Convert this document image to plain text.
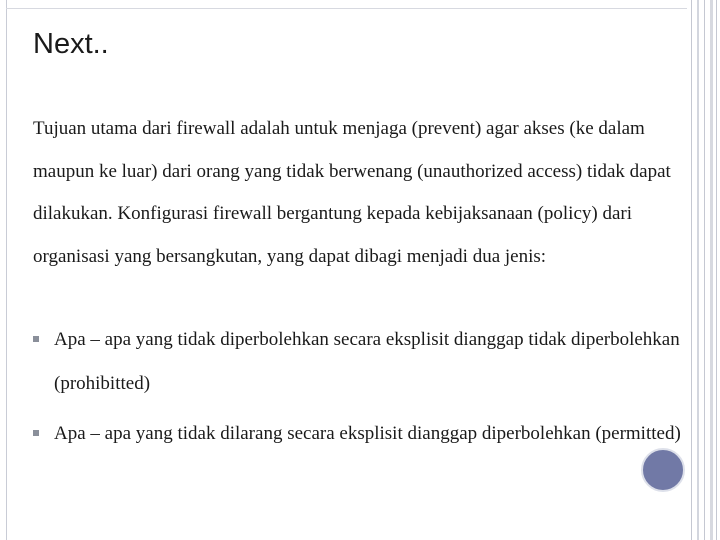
Next..

Tujuan utama dari firewall adalah untuk menjaga (prevent) agar akses (ke dalam maupun ke luar) dari orang yang tidak berwenang (unauthorized access) tidak dapat dilakukan. Konfigurasi firewall bergantung kepada kebijaksanaan (policy) dari organisasi yang bersangkutan, yang dapat dibagi menjadi dua jenis:

Apa – apa yang tidak diperbolehkan secara eksplisit dianggap tidak diperbolehkan (prohibitted)
Apa – apa yang tidak dilarang secara eksplisit dianggap diperbolehkan (permitted)
